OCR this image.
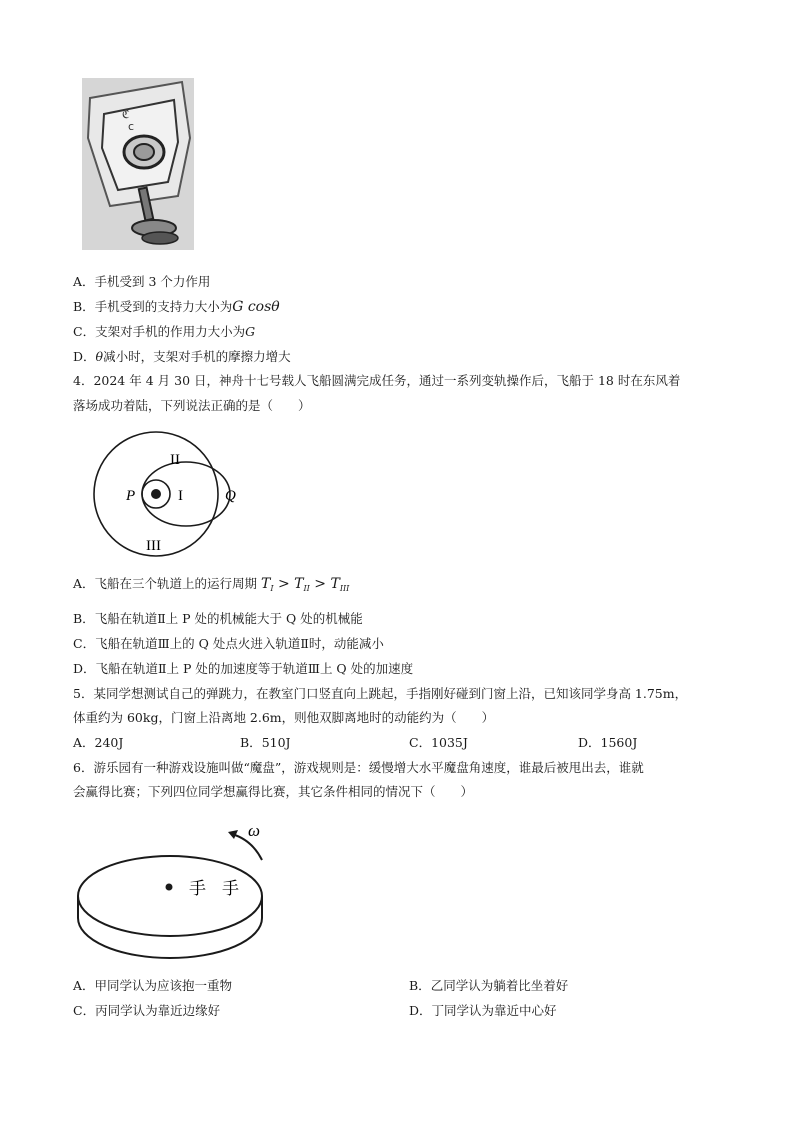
ℭ
c
A．手机受到 3 个力作用
B．手机受到的支持力大小为G cosθ
C．支架对手机的作用力大小为G
D．θ减小时，支架对手机的摩擦力增大
4．2024 年 4 月 30 日，神舟十七号载人飞船圆满完成任务，通过一系列变轨操作后，飞船于 18 时在东风着
落场成功着陆，下列说法正确的是（　　）
II
I
III
P	Q
A．飞船在三个轨道上的运行周期 $T_I > T_{II} > T_{III}$
B．飞船在轨道Ⅱ上 P 处的机械能大于 Q 处的机械能
C．飞船在轨道Ⅲ上的 Q 处点火进入轨道Ⅱ时，动能减小
D．飞船在轨道Ⅱ上 P 处的加速度等于轨道Ⅲ上 Q 处的加速度
5．某同学想测试自己的弹跳力，在教室门口竖直向上跳起，手指刚好碰到门窗上沿，已知该同学身高 1.75m，
体重约为 60kg，门窗上沿离地 2.6m，则他双脚离地时的动能约为（　　）
A．240J	B．510J	C．1035J	D．1560J
6．游乐园有一种游戏设施叫做“魔盘”，游戏规则是：缓慢增大水平魔盘角速度，谁最后被甩出去，谁就
会赢得比赛；下列四位同学想赢得比赛，其它条件相同的情况下（　　）
手 手
ω
A．甲同学认为应该抱一重物	B．乙同学认为躺着比坐着好
C．丙同学认为靠近边缘好	D．丁同学认为靠近中心好
